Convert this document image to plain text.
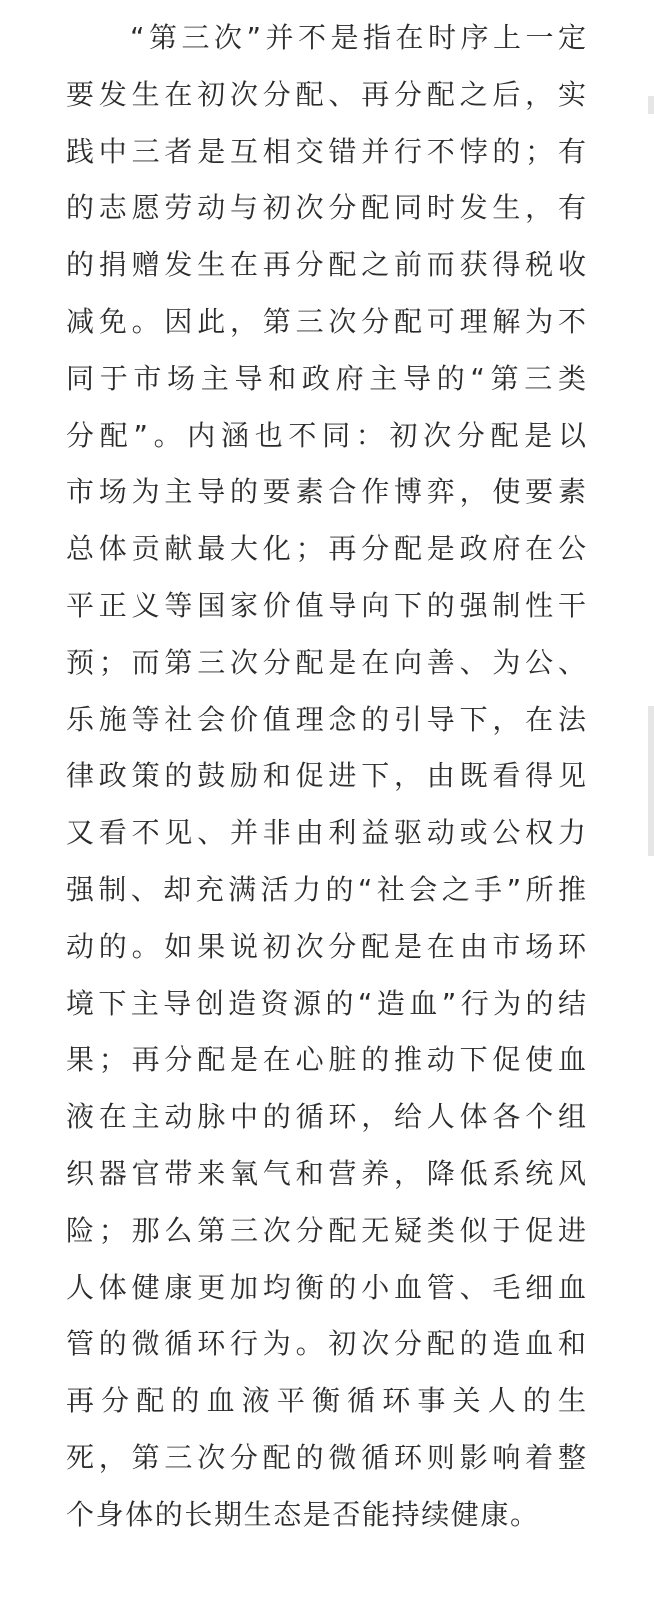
“第三次”并不是指在时序上一定
要发生在初次分配、再分配之后，实
践中三者是互相交错并行不悖的；有
的志愿劳动与初次分配同时发生，有
的捐赠发生在再分配之前而获得税收
减免。因此，第三次分配可理解为不
同于市场主导和政府主导的“第三类
分配”。内涵也不同：初次分配是以
市场为主导的要素合作博弈，使要素
总体贡献最大化；再分配是政府在公
平正义等国家价值导向下的强制性干
预；而第三次分配是在向善、为公、
乐施等社会价值理念的引导下，在法
律政策的鼓励和促进下，由既看得见
又看不见、并非由利益驱动或公权力
强制、却充满活力的“社会之手”所推
动的。如果说初次分配是在由市场环
境下主导创造资源的“造血”行为的结
果；再分配是在心脏的推动下促使血
液在主动脉中的循环，给人体各个组
织器官带来氧气和营养，降低系统风
险；那么第三次分配无疑类似于促进
人体健康更加均衡的小血管、毛细血
管的微循环行为。初次分配的造血和
再分配的血液平衡循环事关人的生
死，第三次分配的微循环则影响着整
个身体的长期生态是否能持续健康。
